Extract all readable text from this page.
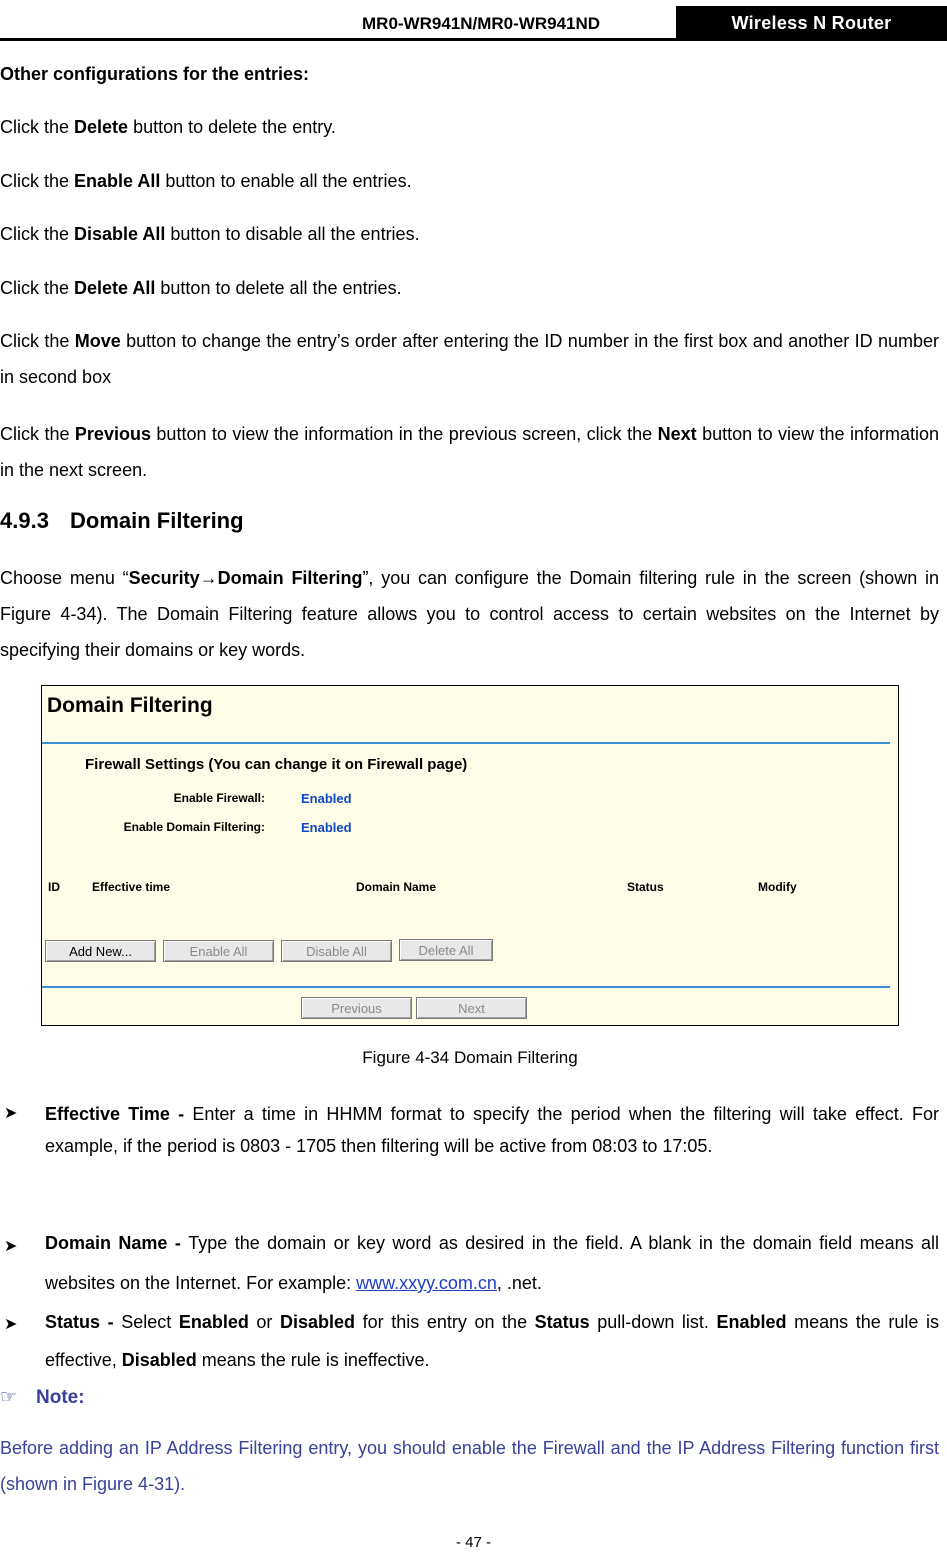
MR0-WR941N/MR0-WR941ND	Wireless N Router
Other configurations for the entries:
Click the Delete button to delete the entry.
Click the Enable All button to enable all the entries.
Click the Disable All button to disable all the entries.
Click the Delete All button to delete all the entries.
Click the Move button to change the entry’s order after entering the ID number in the first box and another ID number in second box
Click the Previous button to view the information in the previous screen, click the Next button to view the information in the next screen.
4.9.3 Domain Filtering
Choose menu “Security→Domain Filtering”, you can configure the Domain filtering rule in the screen (shown in Figure 4-34). The Domain Filtering feature allows you to control access to certain websites on the Internet by specifying their domains or key words.
Domain Filtering
Firewall Settings (You can change it on Firewall page)
Enable Firewall:	Enabled
Enable Domain Filtering:	Enabled
ID	Effective time	Domain Name	Status	Modify
Add New...	Enable All	Disable All	Delete All
Previous	Next
Figure 4-34 Domain Filtering
➤ Effective Time - Enter a time in HHMM format to specify the period when the filtering will take effect. For example, if the period is 0803 - 1705 then filtering will be active from 08:03 to 17:05.
➤ Domain Name - Type the domain or key word as desired in the field. A blank in the domain field means all websites on the Internet. For example: www.xxyy.com.cn, .net.
➤ Status - Select Enabled or Disabled for this entry on the Status pull-down list. Enabled means the rule is effective, Disabled means the rule is ineffective.
☞ Note:
Before adding an IP Address Filtering entry, you should enable the Firewall and the IP Address Filtering function first (shown in Figure 4-31).
- 47 -
